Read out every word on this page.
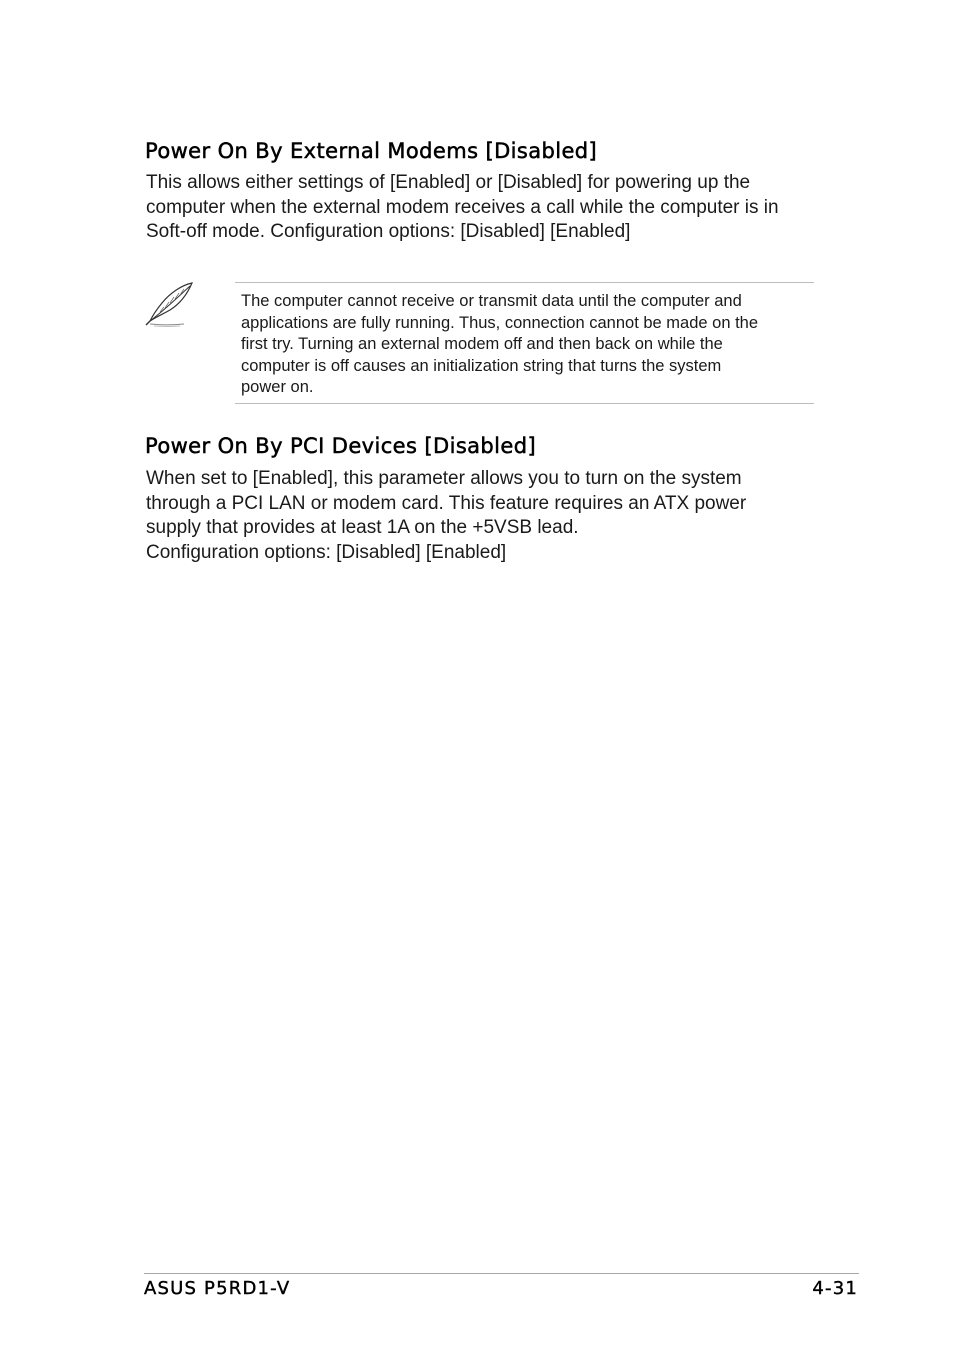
Power On By External Modems [Disabled]

This allows either settings of [Enabled] or [Disabled] for powering up the
computer when the external modem receives a call while the computer is in
Soft-off mode. Configuration options: [Disabled] [Enabled]

The computer cannot receive or transmit data until the computer and
applications are fully running. Thus, connection cannot be made on the
first try. Turning an external modem off and then back on while the
computer is off causes an initialization string that turns the system
power on.

Power On By PCI Devices [Disabled]

When set to [Enabled], this parameter allows you to turn on the system
through a PCI LAN or modem card. This feature requires an ATX power
supply that provides at least 1A on the +5VSB lead.
Configuration options: [Disabled] [Enabled]

ASUS P5RD1-V	4-31
